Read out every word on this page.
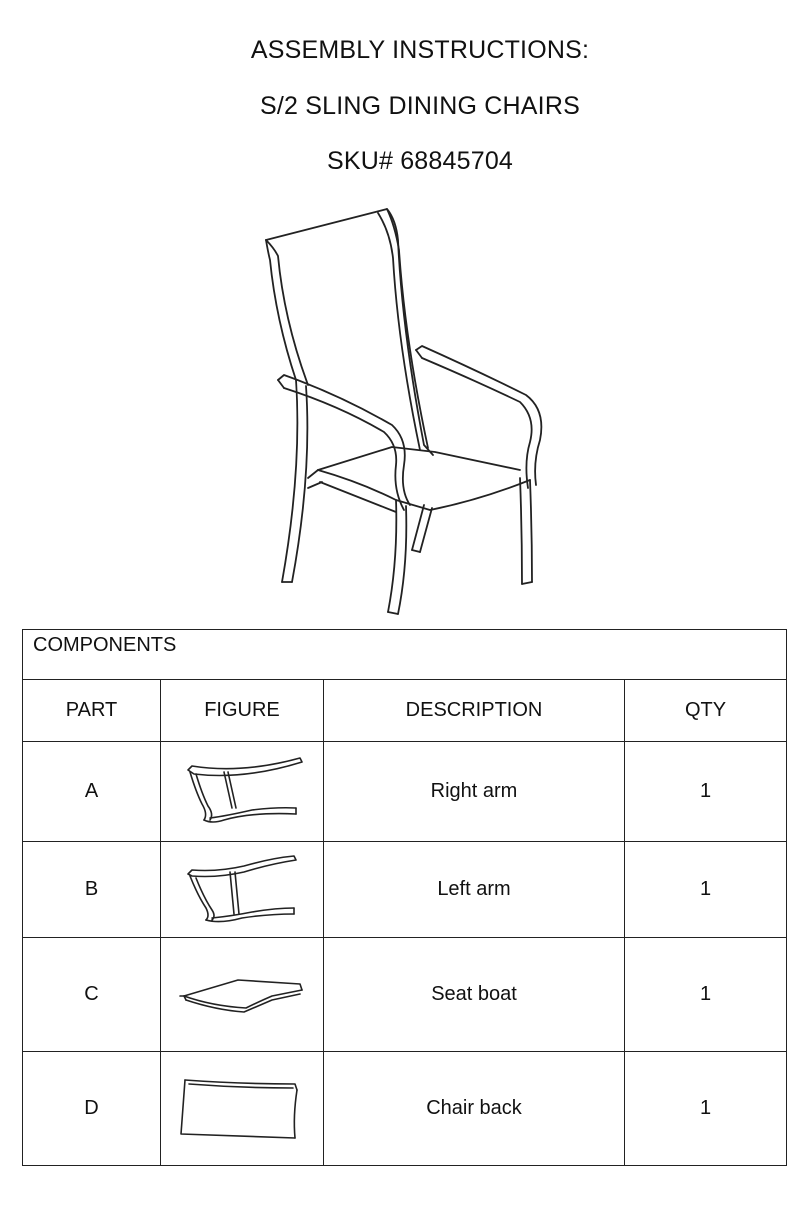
ASSEMBLY INSTRUCTIONS:
S/2 SLING DINING CHAIRS
SKU# 68845704
COMPONENTS			
PART	FIGURE	DESCRIPTION	QTY
A		Right arm	1
B		Left arm	1
C		Seat boat	1
D		Chair back	1
